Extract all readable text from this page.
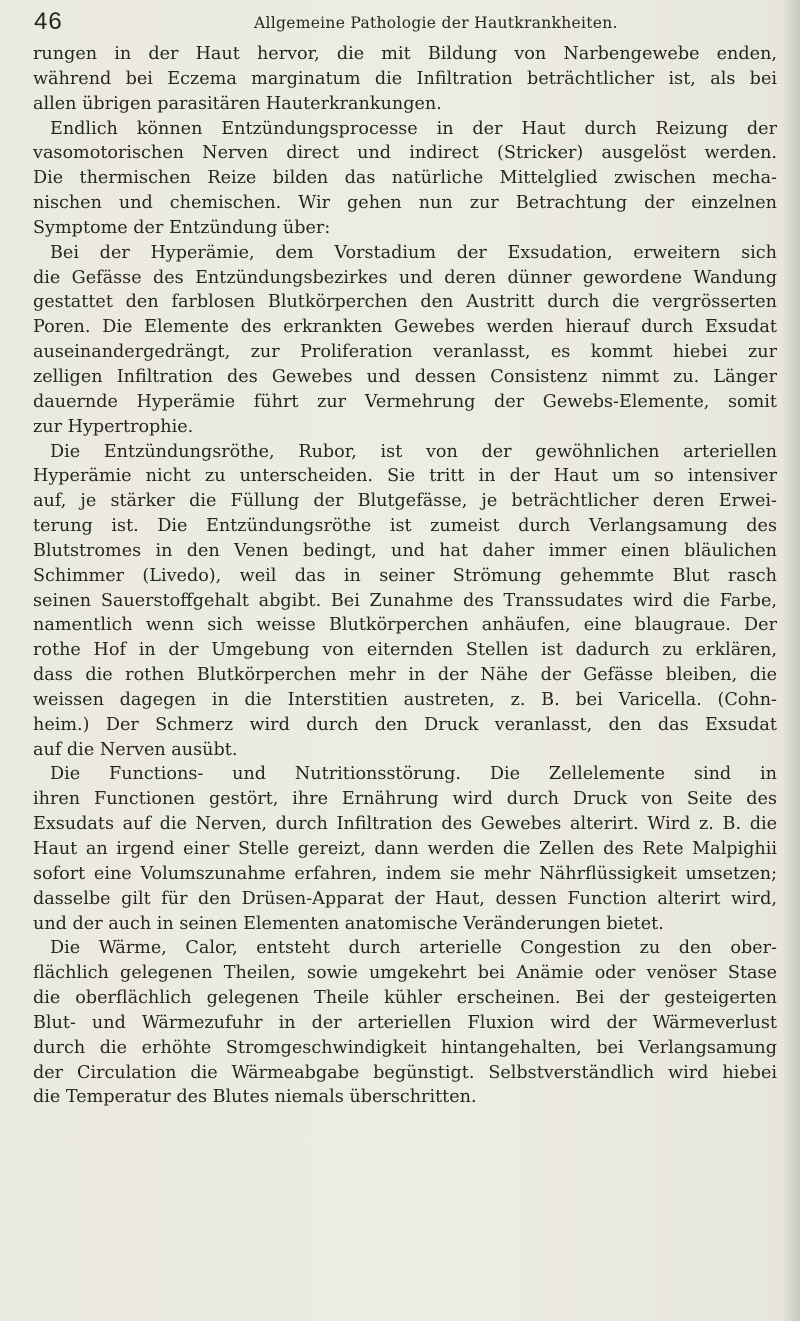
46	Allgemeine Pathologie der Hautkrankheiten.
rungen in der Haut hervor, die mit Bildung von Narbengewebe enden,
während bei Eczema marginatum die Infiltration beträchtlicher ist, als bei
allen übrigen parasitären Hauterkrankungen.
Endlich können Entzündungsprocesse in der Haut durch Reizung der
vasomotorischen Nerven direct und indirect (Stricker) ausgelöst werden.
Die thermischen Reize bilden das natürliche Mittelglied zwischen mecha-
nischen und chemischen. Wir gehen nun zur Betrachtung der einzelnen
Symptome der Entzündung über:
Bei der Hyperämie, dem Vorstadium der Exsudation, erweitern sich
die Gefässe des Entzündungsbezirkes und deren dünner gewordene Wandung
gestattet den farblosen Blutkörperchen den Austritt durch die vergrösserten
Poren. Die Elemente des erkrankten Gewebes werden hierauf durch Exsudat
auseinandergedrängt, zur Proliferation veranlasst, es kommt hiebei zur
zelligen Infiltration des Gewebes und dessen Consistenz nimmt zu. Länger
dauernde Hyperämie führt zur Vermehrung der Gewebs-Elemente, somit
zur Hypertrophie.
Die Entzündungsröthe, Rubor, ist von der gewöhnlichen arteriellen
Hyperämie nicht zu unterscheiden. Sie tritt in der Haut um so intensiver
auf, je stärker die Füllung der Blutgefässe, je beträchtlicher deren Erwei-
terung ist. Die Entzündungsröthe ist zumeist durch Verlangsamung des
Blutstromes in den Venen bedingt, und hat daher immer einen bläulichen
Schimmer (Livedo), weil das in seiner Strömung gehemmte Blut rasch
seinen Sauerstoffgehalt abgibt. Bei Zunahme des Transsudates wird die Farbe,
namentlich wenn sich weisse Blutkörperchen anhäufen, eine blaugraue. Der
rothe Hof in der Umgebung von eiternden Stellen ist dadurch zu erklären,
dass die rothen Blutkörperchen mehr in der Nähe der Gefässe bleiben, die
weissen dagegen in die Interstitien austreten, z. B. bei Varicella. (Cohn-
heim.) Der Schmerz wird durch den Druck veranlasst, den das Exsudat
auf die Nerven ausübt.
Die Functions- und Nutritionsstörung. Die Zellelemente sind in
ihren Functionen gestört, ihre Ernährung wird durch Druck von Seite des
Exsudats auf die Nerven, durch Infiltration des Gewebes alterirt. Wird z. B. die
Haut an irgend einer Stelle gereizt, dann werden die Zellen des Rete Malpighii
sofort eine Volumszunahme erfahren, indem sie mehr Nährflüssigkeit umsetzen;
dasselbe gilt für den Drüsen-Apparat der Haut, dessen Function alterirt wird,
und der auch in seinen Elementen anatomische Veränderungen bietet.
Die Wärme, Calor, entsteht durch arterielle Congestion zu den ober-
flächlich gelegenen Theilen, sowie umgekehrt bei Anämie oder venöser Stase
die oberflächlich gelegenen Theile kühler erscheinen. Bei der gesteigerten
Blut- und Wärmezufuhr in der arteriellen Fluxion wird der Wärmeverlust
durch die erhöhte Stromgeschwindigkeit hintangehalten, bei Verlangsamung
der Circulation die Wärmeabgabe begünstigt. Selbstverständlich wird hiebei
die Temperatur des Blutes niemals überschritten.
